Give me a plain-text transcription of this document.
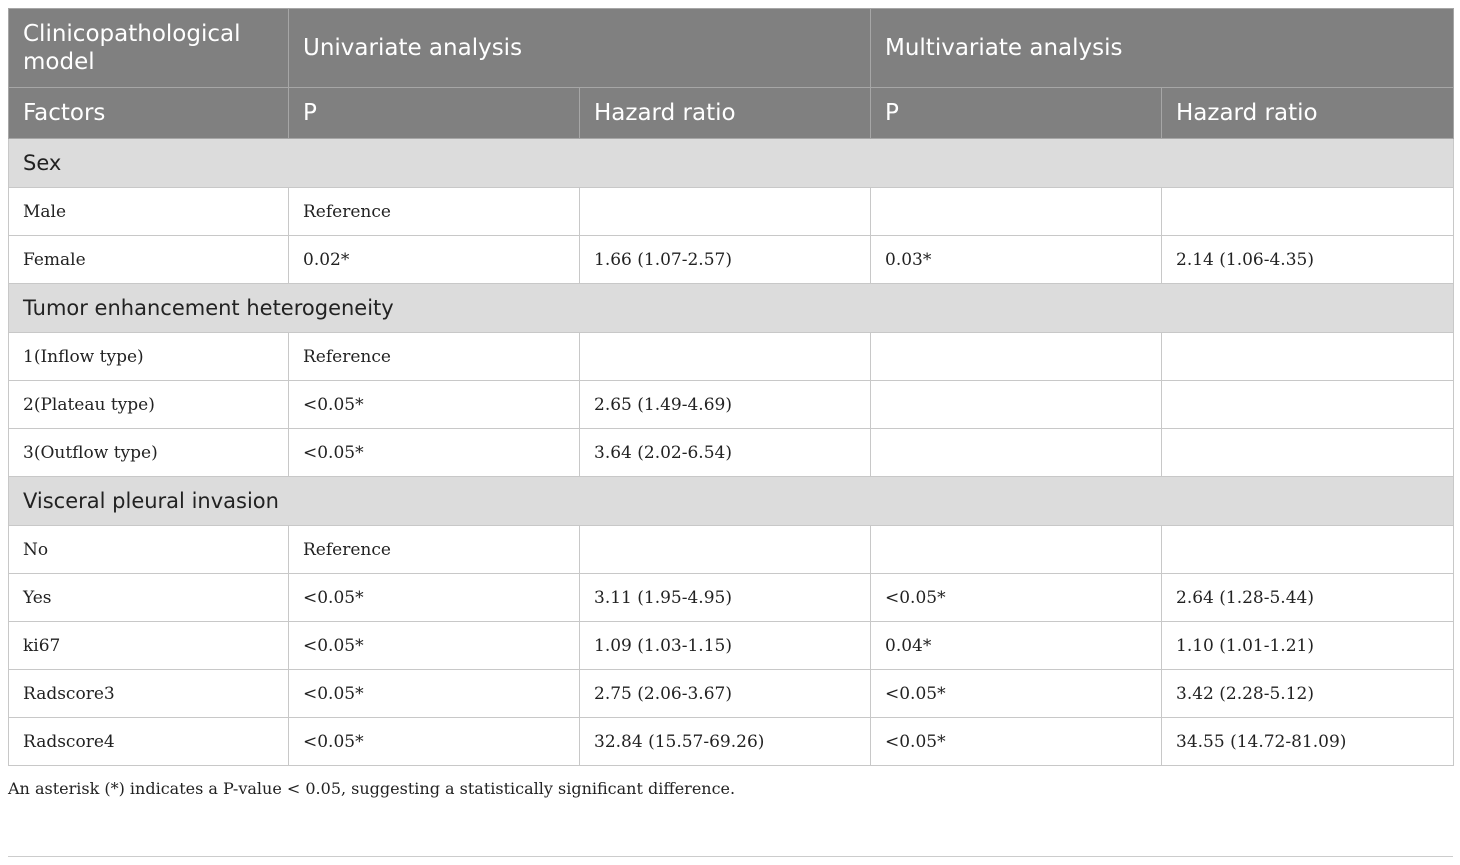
Clinicopathological model	Univariate analysis		Multivariate analysis	
Factors	P	Hazard ratio	P	Hazard ratio
Sex				
Male	Reference			
Female	0.02*	1.66 (1.07-2.57)	0.03*	2.14 (1.06-4.35)
Tumor enhancement heterogeneity				
1(Inflow type)	Reference			
2(Plateau type)	<0.05*	2.65 (1.49-4.69)		
3(Outflow type)	<0.05*	3.64 (2.02-6.54)		
Visceral pleural invasion				
No	Reference			
Yes	<0.05*	3.11 (1.95-4.95)	<0.05*	2.64 (1.28-5.44)
ki67	<0.05*	1.09 (1.03-1.15)	0.04*	1.10 (1.01-1.21)
Radscore3	<0.05*	2.75 (2.06-3.67)	<0.05*	3.42 (2.28-5.12)
Radscore4	<0.05*	32.84 (15.57-69.26)	<0.05*	34.55 (14.72-81.09)

An asterisk (*) indicates a P-value < 0.05, suggesting a statistically significant difference.
